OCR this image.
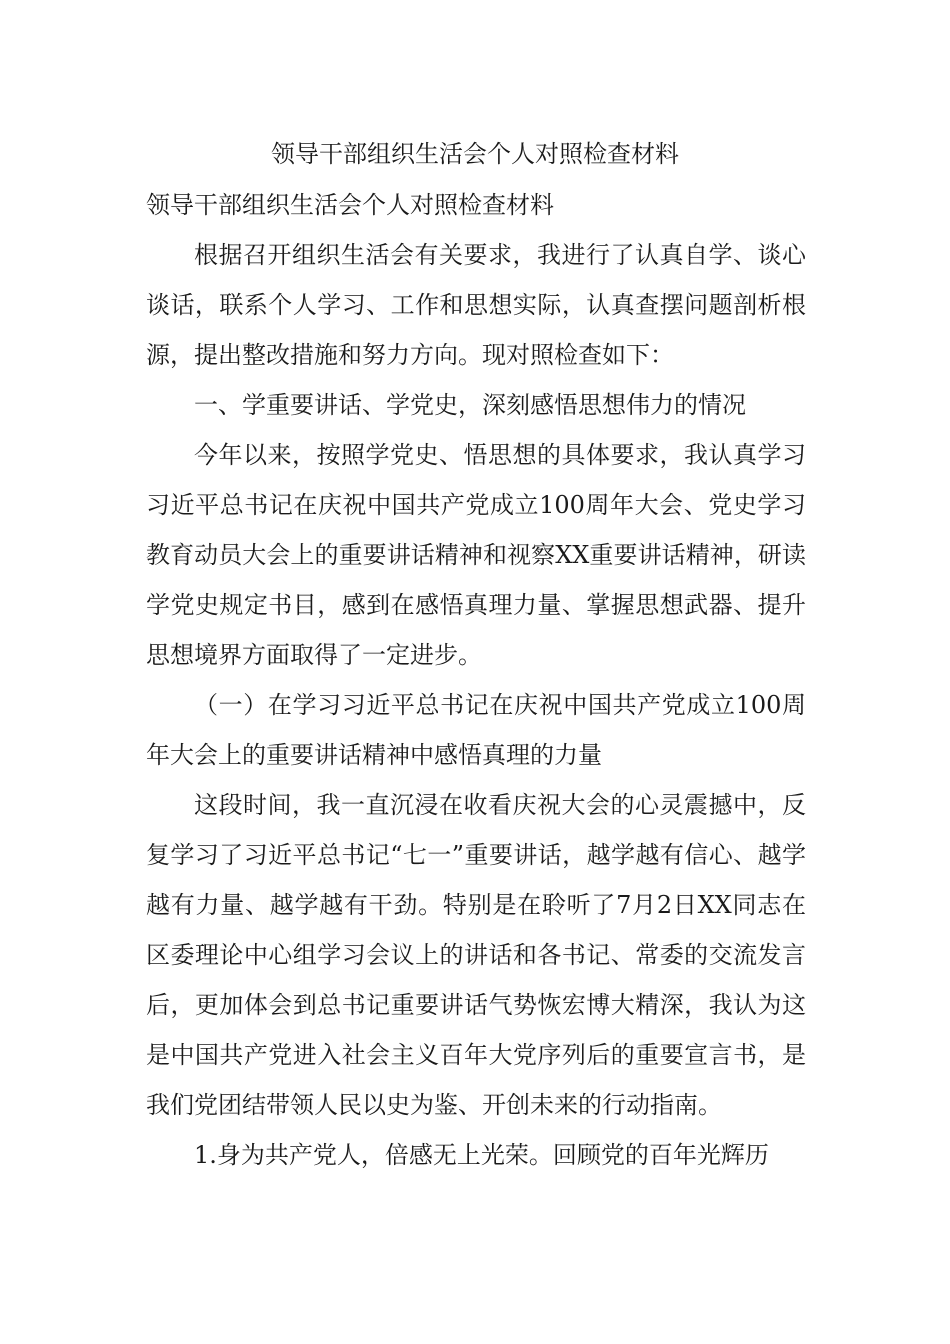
领导干部组织生活会个人对照检查材料

领导干部组织生活会个人对照检查材料

根据召开组织生活会有关要求，我进行了认真自学、谈心谈话，联系个人学习、工作和思想实际，认真查摆问题剖析根源，提出整改措施和努力方向。现对照检查如下：

一、学重要讲话、学党史，深刻感悟思想伟力的情况

今年以来，按照学党史、悟思想的具体要求，我认真学习习近平总书记在庆祝中国共产党成立100周年大会、党史学习教育动员大会上的重要讲话精神和视察XX重要讲话精神，研读学党史规定书目，感到在感悟真理力量、掌握思想武器、提升思想境界方面取得了一定进步。

（一）在学习习近平总书记在庆祝中国共产党成立100周年大会上的重要讲话精神中感悟真理的力量

这段时间，我一直沉浸在收看庆祝大会的心灵震撼中，反复学习了习近平总书记“七一”重要讲话，越学越有信心、越学越有力量、越学越有干劲。特别是在聆听了7月2日XX同志在区委理论中心组学习会议上的讲话和各书记、常委的交流发言后，更加体会到总书记重要讲话气势恢宏博大精深，我认为这是中国共产党进入社会主义百年大党序列后的重要宣言书，是我们党团结带领人民以史为鉴、开创未来的行动指南。

1.身为共产党人，倍感无上光荣。回顾党的百年光辉历
